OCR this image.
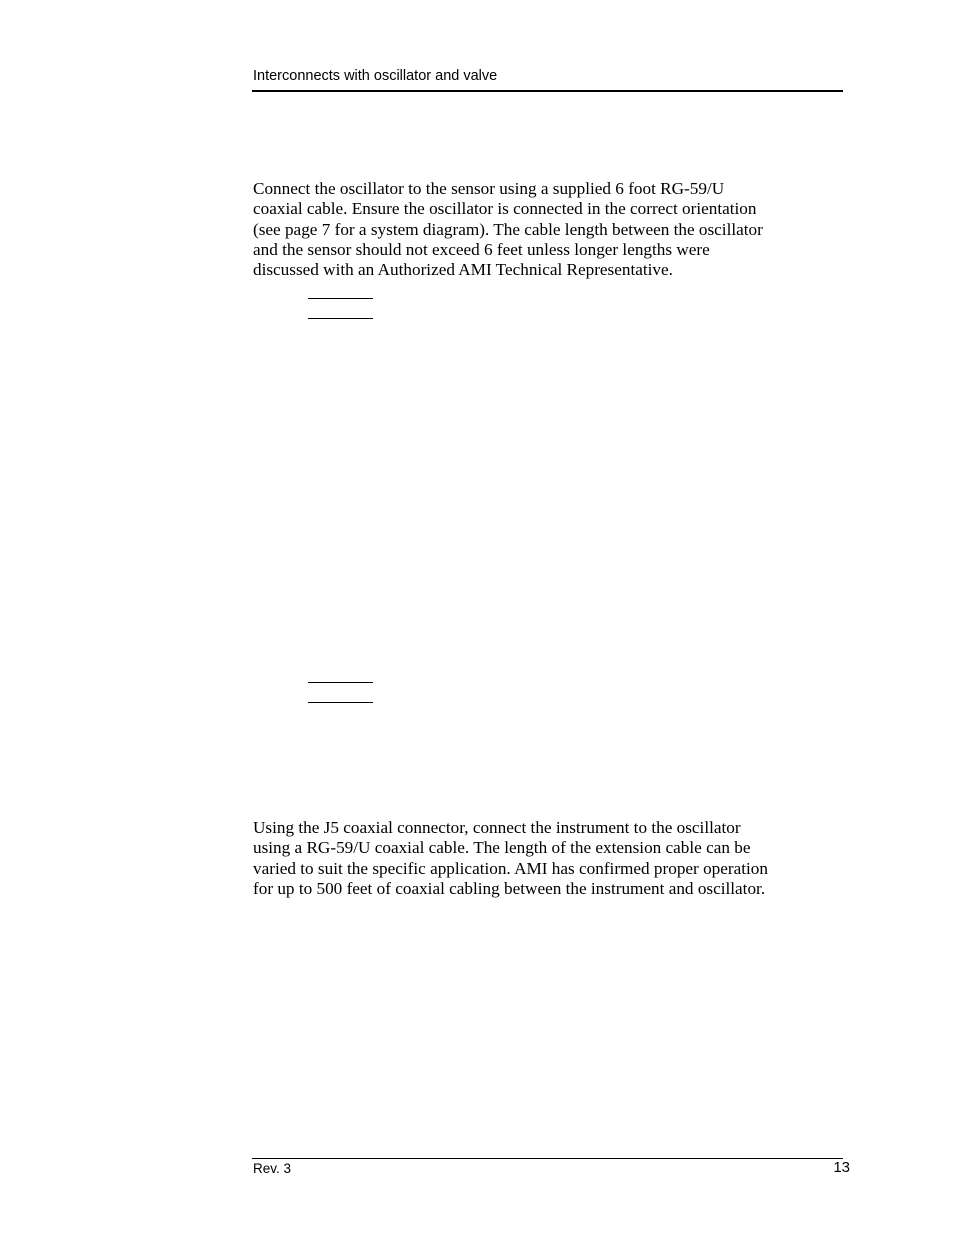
Interconnects with oscillator and valve

Connect the oscillator to the sensor using a supplied 6 foot RG-59/U
coaxial cable. Ensure the oscillator is connected in the correct orientation
(see page 7 for a system diagram). The cable length between the oscillator
and the sensor should not exceed 6 feet unless longer lengths were
discussed with an Authorized AMI Technical Representative.

Using the J5 coaxial connector, connect the instrument to the oscillator
using a RG-59/U coaxial cable. The length of the extension cable can be
varied to suit the specific application. AMI has confirmed proper operation
for up to 500 feet of coaxial cabling between the instrument and oscillator.

Rev. 3	13
